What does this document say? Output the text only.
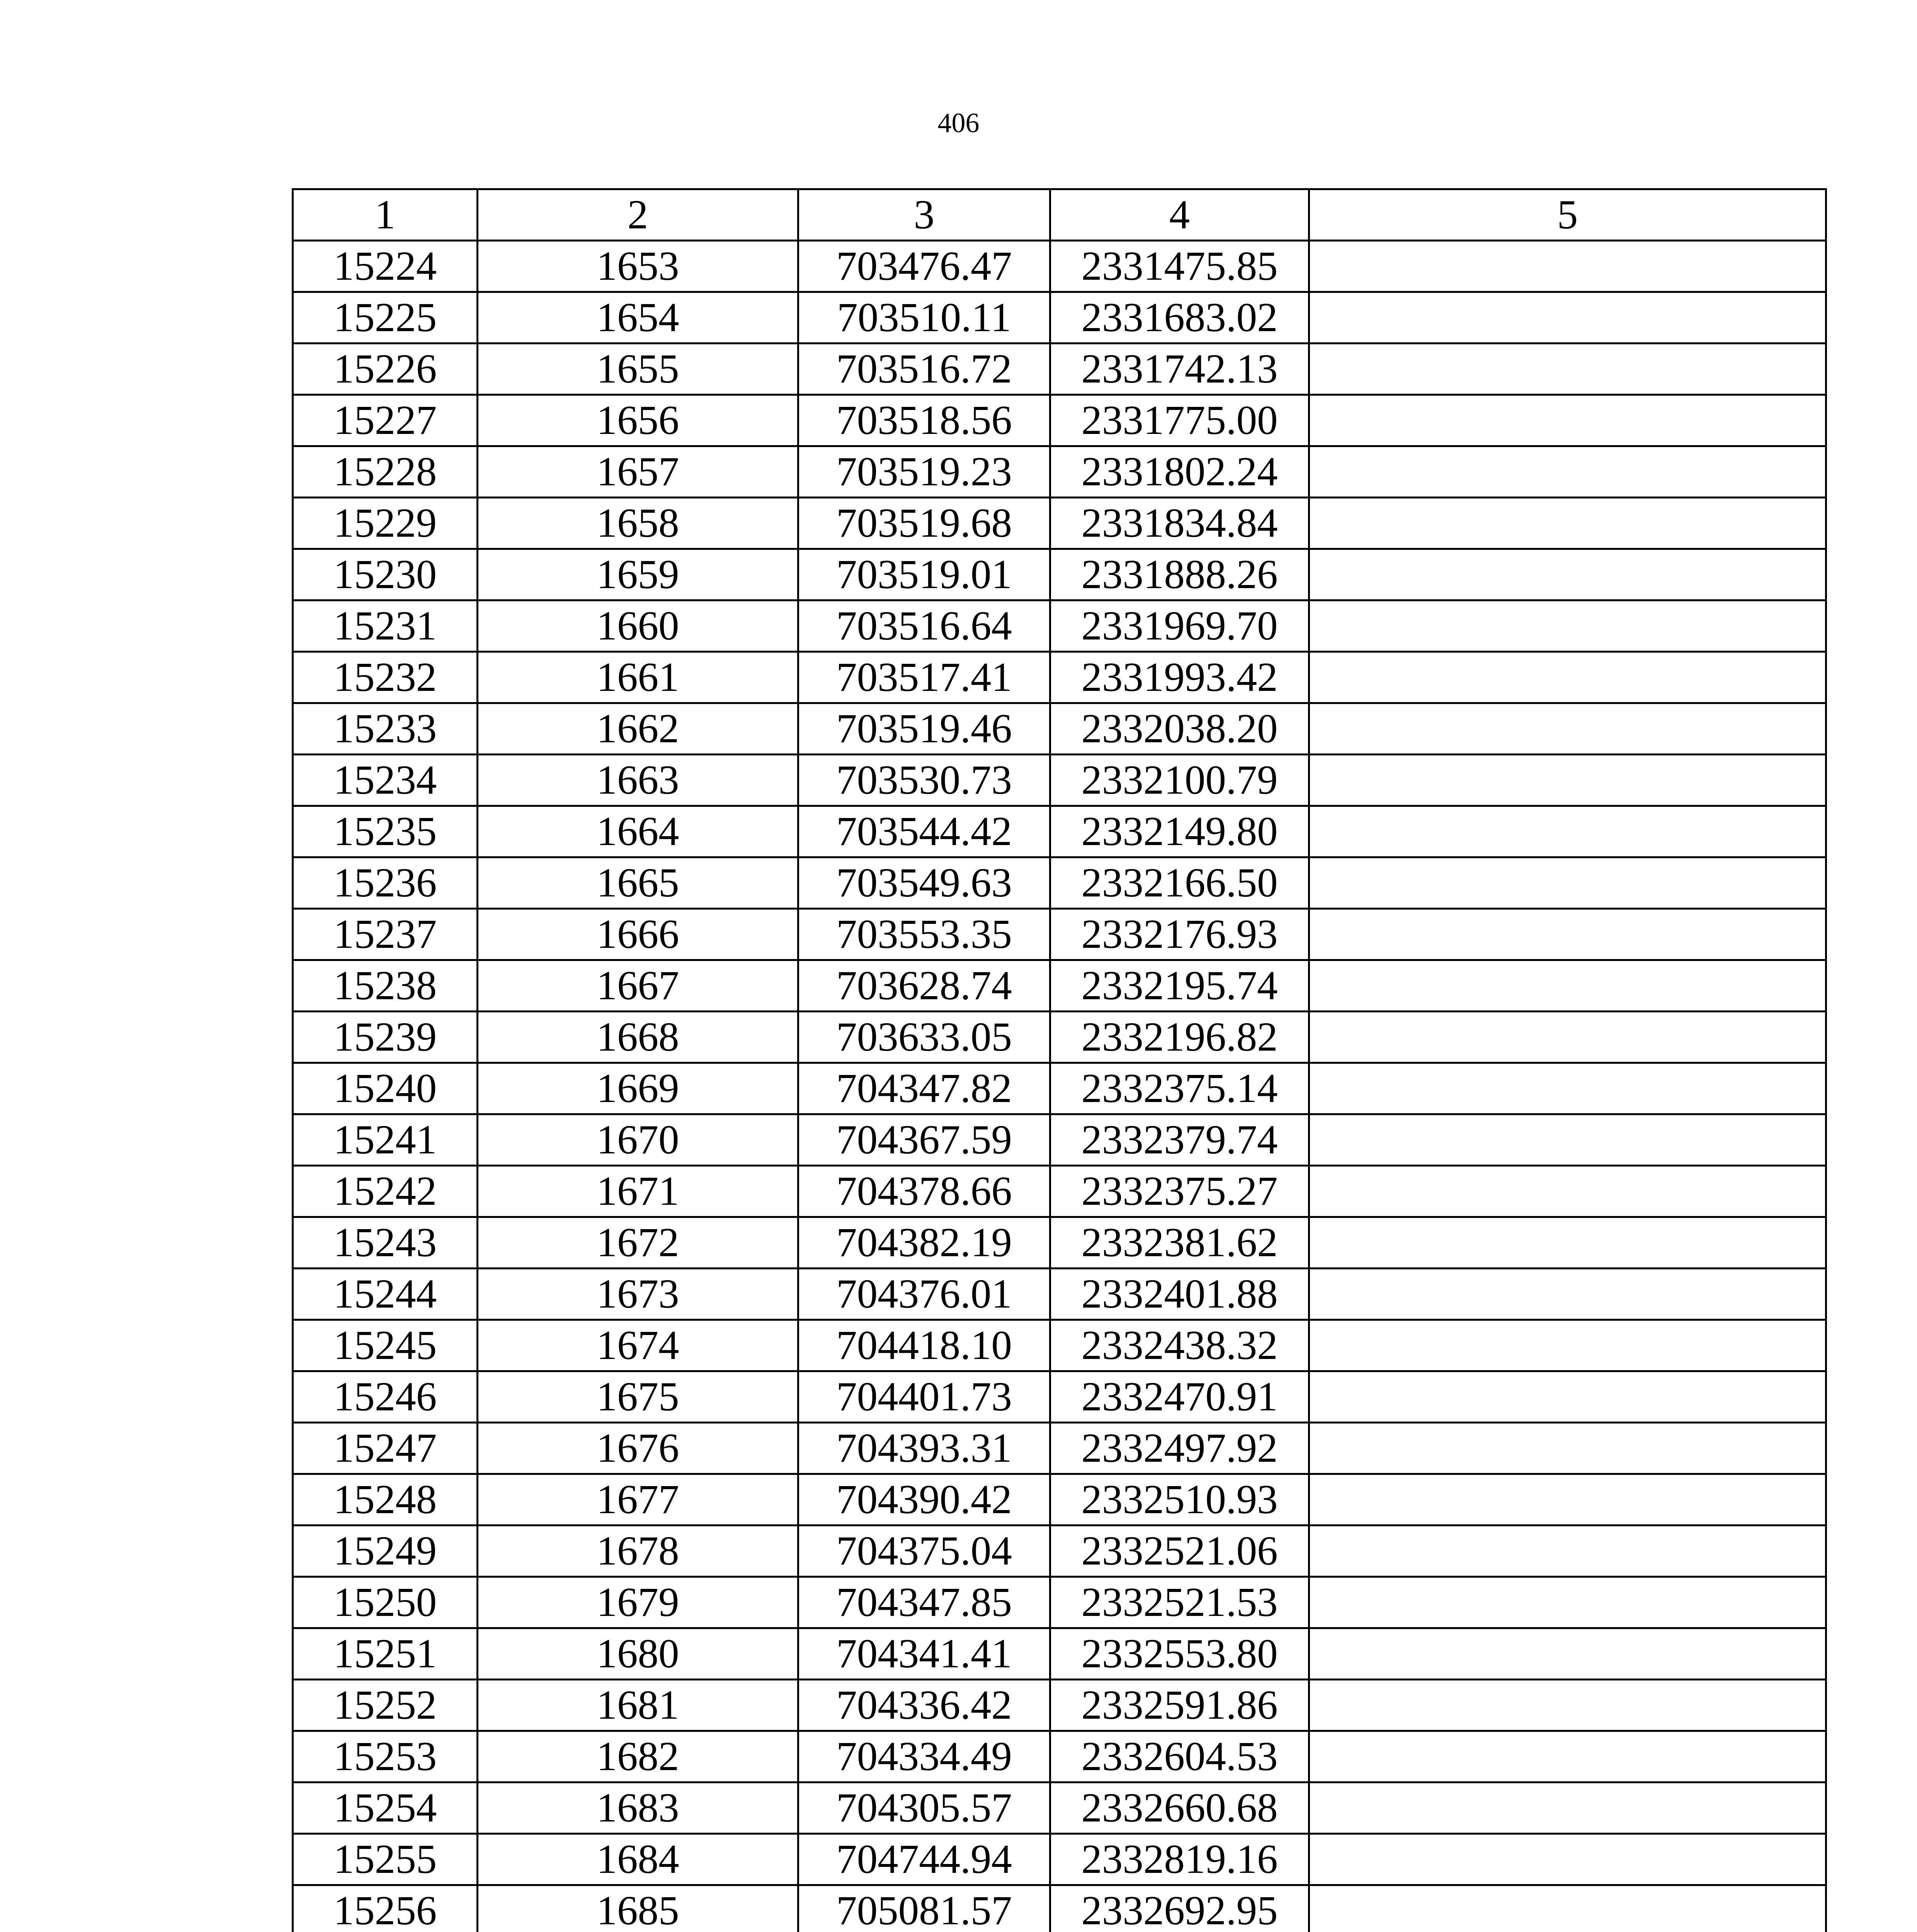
406
1	2	3	4	5
15224	1653	703476.47	2331475.85	
15225	1654	703510.11	2331683.02	
15226	1655	703516.72	2331742.13	
15227	1656	703518.56	2331775.00	
15228	1657	703519.23	2331802.24	
15229	1658	703519.68	2331834.84	
15230	1659	703519.01	2331888.26	
15231	1660	703516.64	2331969.70	
15232	1661	703517.41	2331993.42	
15233	1662	703519.46	2332038.20	
15234	1663	703530.73	2332100.79	
15235	1664	703544.42	2332149.80	
15236	1665	703549.63	2332166.50	
15237	1666	703553.35	2332176.93	
15238	1667	703628.74	2332195.74	
15239	1668	703633.05	2332196.82	
15240	1669	704347.82	2332375.14	
15241	1670	704367.59	2332379.74	
15242	1671	704378.66	2332375.27	
15243	1672	704382.19	2332381.62	
15244	1673	704376.01	2332401.88	
15245	1674	704418.10	2332438.32	
15246	1675	704401.73	2332470.91	
15247	1676	704393.31	2332497.92	
15248	1677	704390.42	2332510.93	
15249	1678	704375.04	2332521.06	
15250	1679	704347.85	2332521.53	
15251	1680	704341.41	2332553.80	
15252	1681	704336.42	2332591.86	
15253	1682	704334.49	2332604.53	
15254	1683	704305.57	2332660.68	
15255	1684	704744.94	2332819.16	
15256	1685	705081.57	2332692.95	
